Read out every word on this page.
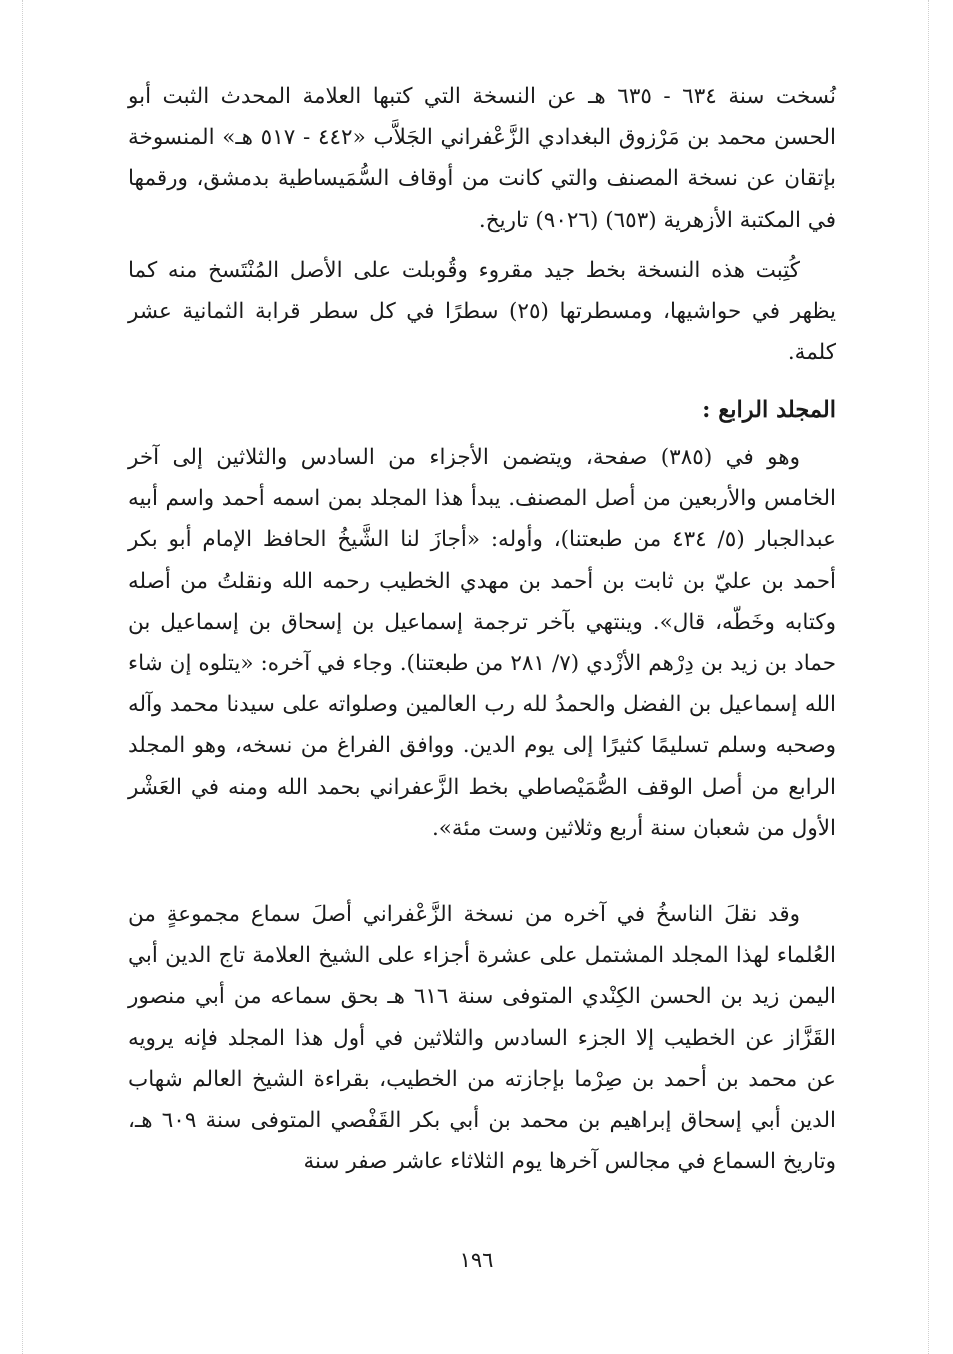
نُسخت سنة ٦٣٤ - ٦٣٥ هـ عن النسخة التي كتبها العلامة المحدث الثبت أبو الحسن محمد بن مَرْزوق البغدادي الزَّعْفراني الجَلاَّب «٤٤٢ - ٥١٧ هـ» المنسوخة بإتقان عن نسخة المصنف والتي كانت من أوقاف السُّمَيساطية بدمشق، ورقمها في المكتبة الأزهرية (٦٥٣) (٩٠٢٦) تاريخ.

كُتِبت هذه النسخة بخط جيد مقروء وقُوبلت على الأصل المُنْتَسخ منه كما يظهر في حواشيها، ومسطرتها (٢٥) سطرًا في كل سطر قرابة الثمانية عشر كلمة.

المجلد الرابع :

وهو في (٣٨٥) صفحة، ويتضمن الأجزاء من السادس والثلاثين إلى آخر الخامس والأربعين من أصل المصنف. يبدأ هذا المجلد بمن اسمه أحمد واسم أبيه عبدالجبار (٥/ ٤٣٤ من طبعتنا)، وأوله: «أجازَ لنا الشَّيخُ الحافظ الإمام أبو بكر أحمد بن عليّ بن ثابت بن أحمد بن مهدي الخطيب رحمه الله ونقلتُ من أصله وكتابه وخَطّه، قال». وينتهي بآخر ترجمة إسماعيل بن إسحاق بن إسماعيل بن حماد بن زيد بن دِرْهم الأزْدي (٧/ ٢٨١ من طبعتنا). وجاء في آخره: «يتلوه إن شاء الله إسماعيل بن الفضل والحمدُ لله رب العالمين وصلواته على سيدنا محمد وآله وصحبه وسلم تسليمًا كثيرًا إلى يوم الدين. ووافق الفراغ من نسخه، وهو المجلد الرابع من أصل الوقف الصُّمَيْصاطي بخط الزَّعفراني بحمد الله ومنه في العَشْر الأول من شعبان سنة أربع وثلاثين وست مئة».

وقد نقلَ الناسخُ في آخره من نسخة الزَّعْفراني أصلَ سماع مجموعةٍ من العُلماء لهذا المجلد المشتمل على عشرة أجزاء على الشيخ العلامة تاج الدين أبي اليمن زيد بن الحسن الكِنْدي المتوفى سنة ٦١٦ هـ بحق سماعه من أبي منصور القَزَّاز عن الخطيب إلا الجزء السادس والثلاثين في أول هذا المجلد فإنه يرويه عن محمد بن أحمد بن صِرْما بإجازته من الخطيب، بقراءة الشيخ العالم شهاب الدين أبي إسحاق إبراهيم بن محمد بن أبي بكر القَفْصي المتوفى سنة ٦٠٩ هـ، وتاريخ السماع في مجالس آخرها يوم الثلاثاء عاشر صفر سنة

١٩٦
